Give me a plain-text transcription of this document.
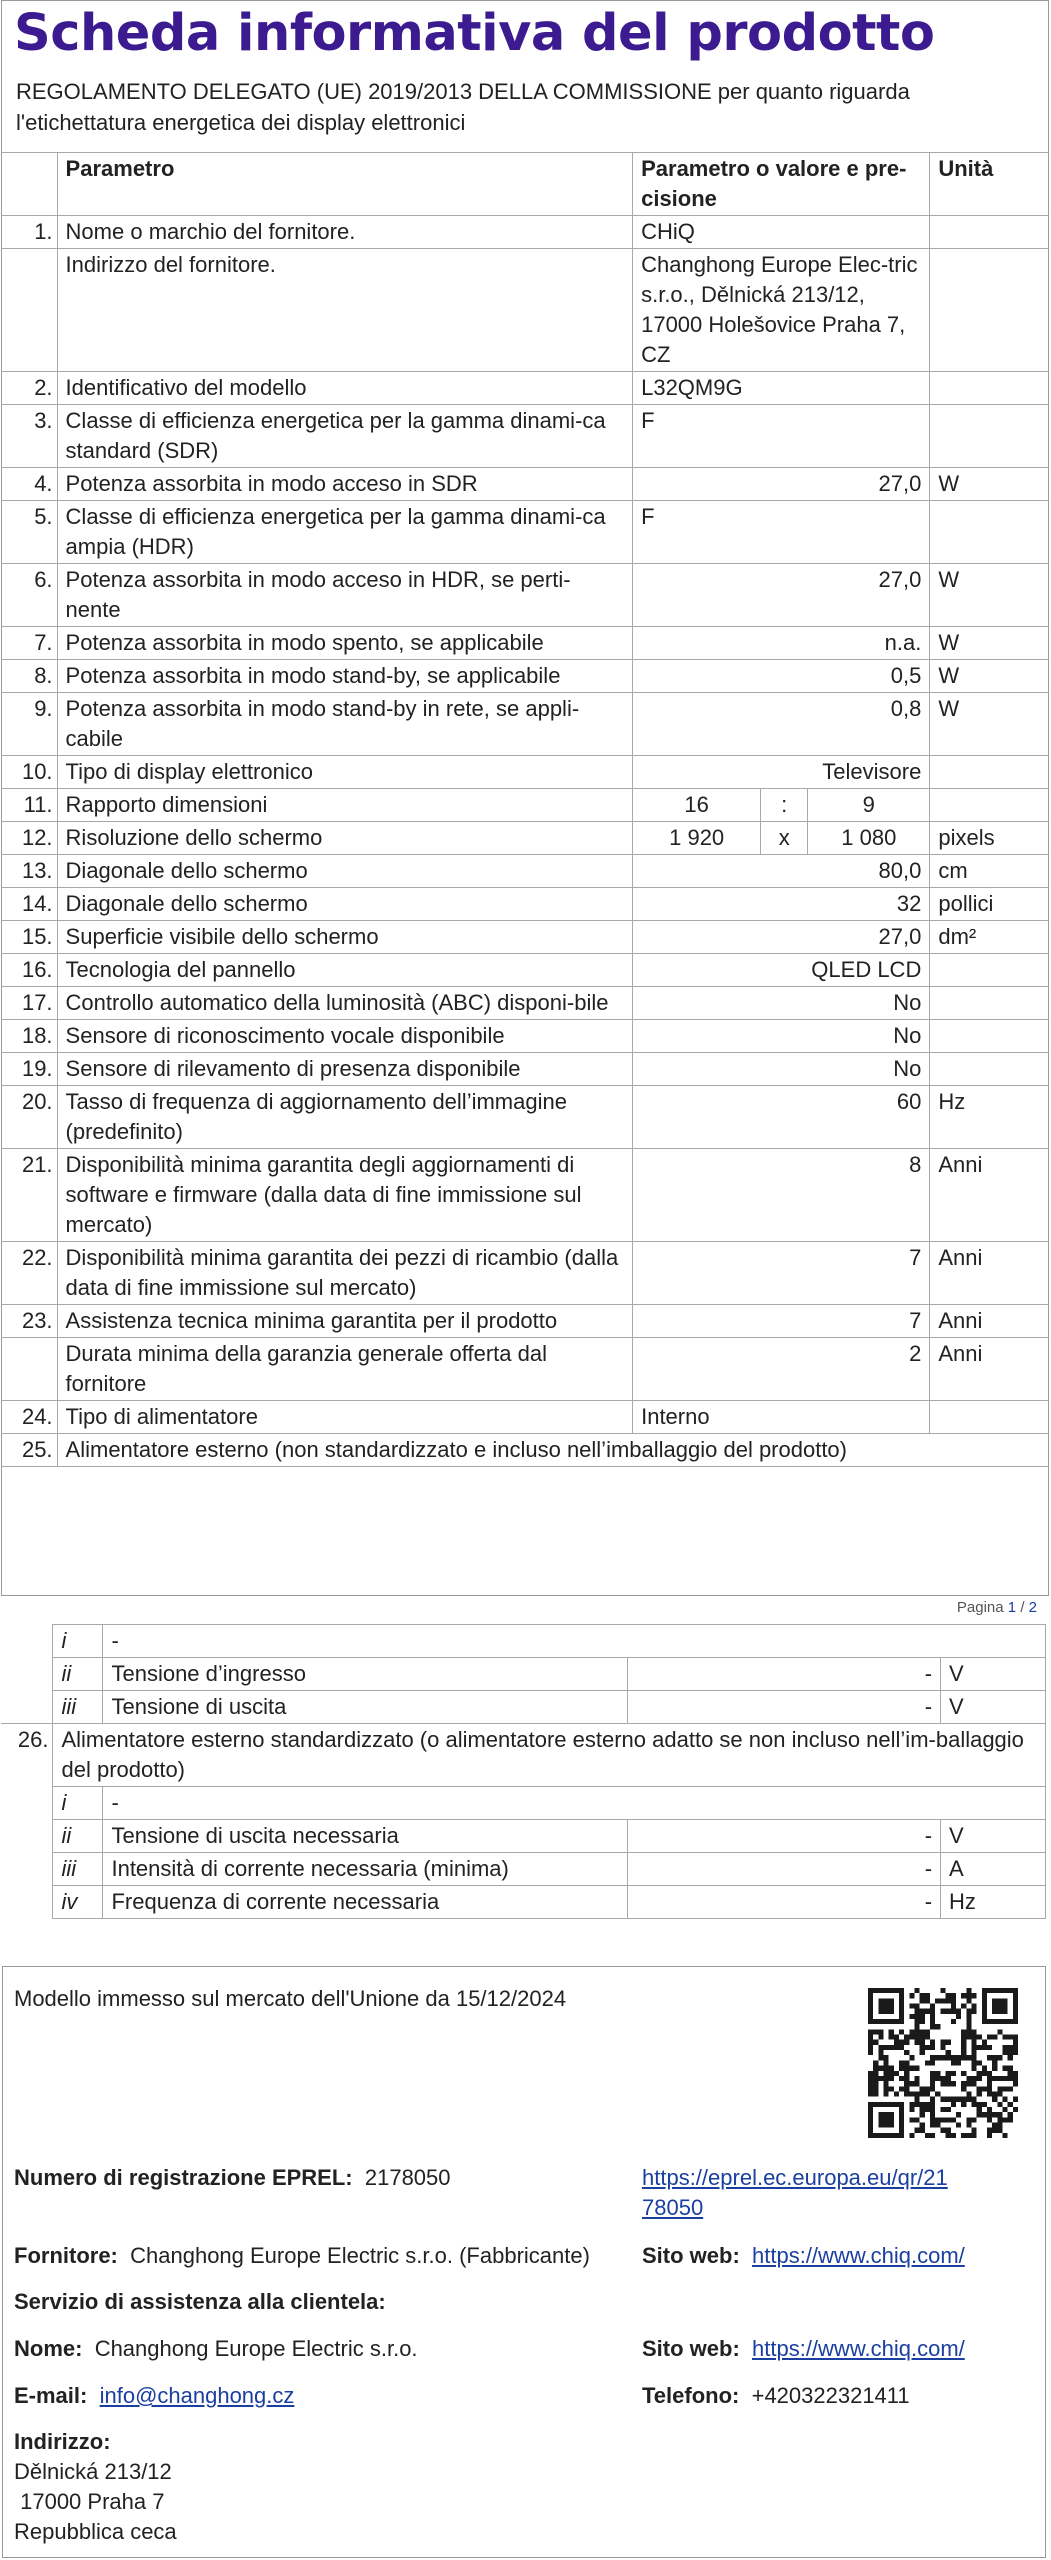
Scheda informativa del prodotto
REGOLAMENTO DELEGATO (UE) 2019/2013 DELLA COMMISSIONE per quanto riguarda l'etichettatura energetica dei display elettronici
	Parametro	Parametro o valore e pre-cisione			Unità
1.	Nome o marchio del fornitore.	CHiQ			
	Indirizzo del fornitore.	Changhong Europe Elec-tric s.r.o., Dělnická 213/12, 17000 Holešovice Praha 7, CZ			
2.	Identificativo del modello	L32QM9G			
3.	Classe di efficienza energetica per la gamma dinami-ca standard (SDR)	F			
4.	Potenza assorbita in modo acceso in SDR	27,0			W
5.	Classe di efficienza energetica per la gamma dinami-ca ampia (HDR)	F			
6.	Potenza assorbita in modo acceso in HDR, se perti-nente	27,0			W
7.	Potenza assorbita in modo spento, se applicabile	n.a.			W
8.	Potenza assorbita in modo stand-by, se applicabile	0,5			W
9.	Potenza assorbita in modo stand-by in rete, se appli-cabile	0,8			W
10.	Tipo di display elettronico	Televisore			
11.	Rapporto dimensioni	16	:	9	
12.	Risoluzione dello schermo	1 920	x	1 080	pixels
13.	Diagonale dello schermo	80,0			cm
14.	Diagonale dello schermo	32			pollici
15.	Superficie visibile dello schermo	27,0			dm²
16.	Tecnologia del pannello	QLED LCD			
17.	Controllo automatico della luminosità (ABC) disponi-bile	No			
18.	Sensore di riconoscimento vocale disponibile	No			
19.	Sensore di rilevamento di presenza disponibile	No			
20.	Tasso di frequenza di aggiornamento dell’immagine (predefinito)	60			Hz
21.	Disponibilità minima garantita degli aggiornamenti di software e firmware (dalla data di fine immissione sul mercato)	8			Anni
22.	Disponibilità minima garantita dei pezzi di ricambio (dalla data di fine immissione sul mercato)	7			Anni
23.	Assistenza tecnica minima garantita per il prodotto	7			Anni
	Durata minima della garanzia generale offerta dal fornitore	2			Anni
24.	Tipo di alimentatore	Interno			
25.	Alimentatore esterno (non standardizzato e incluso nell’imballaggio del prodotto)				
Pagina 1 / 2
	i	-		
	ii	Tensione d’ingresso	-	V
	iii	Tensione di uscita	-	V
26.	Alimentatore esterno standardizzato (o alimentatore esterno adatto se non incluso nell’im-ballaggio del prodotto)			
	i	-		
	ii	Tensione di uscita necessaria	-	V
	iii	Intensità di corrente necessaria (minima)	-	A
	iv	Frequenza di corrente necessaria	-	Hz
Modello immesso sul mercato dell'Unione da 15/12/2024
Numero di registrazione EPREL: 2178050	https://eprel.ec.europa.eu/qr/21
78050
Fornitore: Changhong Europe Electric s.r.o. (Fabbricante) Sito web: https://www.chiq.com/
Servizio di assistenza alla clientela:
Nome: Changhong Europe Electric s.r.o.	Sito web: https://www.chiq.com/
E-mail: info@changhong.cz	Telefono: +420322321411
Indirizzo:
Dělnická 213/12
17000 Praha 7
Repubblica ceca
